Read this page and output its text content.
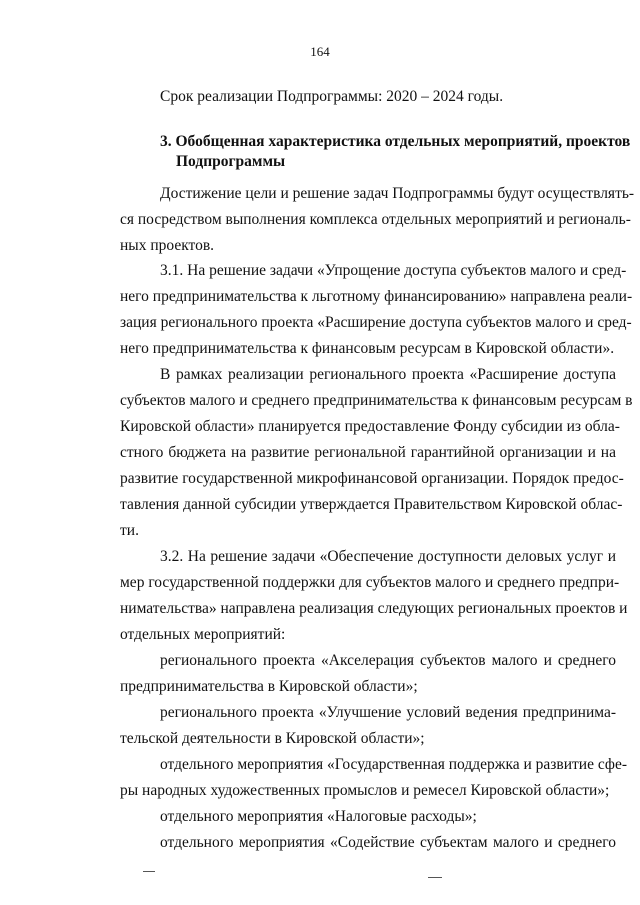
164
Срок реализации Подпрограммы: 2020 – 2024 годы.
3. Обобщенная характеристика отдельных мероприятий, проектов
Подпрограммы
Достижение цели и решение задач Подпрограммы будут осуществлять-
ся посредством выполнения комплекса отдельных мероприятий и региональ-
ных проектов.
3.1. На решение задачи «Упрощение доступа субъектов малого и сред-
него предпринимательства к льготному финансированию» направлена реали-
зация регионального проекта «Расширение доступа субъектов малого и сред-
него предпринимательства к финансовым ресурсам в Кировской области».
В рамках реализации регионального проекта «Расширение доступа
субъектов малого и среднего предпринимательства к финансовым ресурсам в
Кировской области» планируется предоставление Фонду субсидии из обла-
стного бюджета на развитие региональной гарантийной организации и на
развитие государственной микрофинансовой организации. Порядок предос-
тавления данной субсидии утверждается Правительством Кировской облас-
ти.
3.2. На решение задачи «Обеспечение доступности деловых услуг и
мер государственной поддержки для субъектов малого и среднего предпри-
нимательства» направлена реализация следующих региональных проектов и
отдельных мероприятий:
регионального проекта «Акселерация субъектов малого и среднего
предпринимательства в Кировской области»;
регионального проекта «Улучшение условий ведения предпринима-
тельской деятельности в Кировской области»;
отдельного мероприятия «Государственная поддержка и развитие сфе-
ры народных художественных промыслов и ремесел Кировской области»;
отдельного мероприятия «Налоговые расходы»;
отдельного мероприятия «Содействие субъектам малого и среднего
